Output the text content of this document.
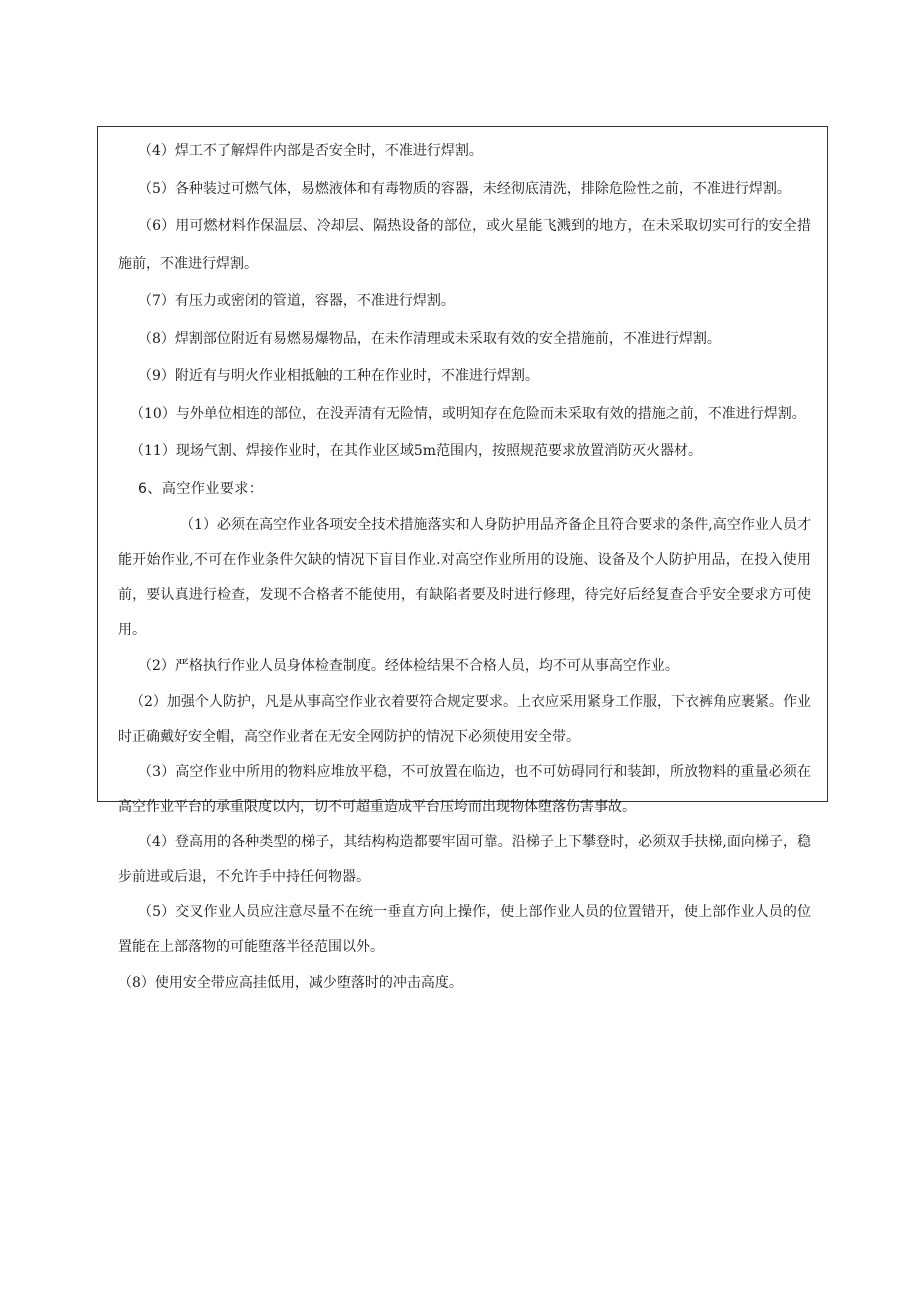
（4）焊工不了解焊件内部是否安全时，不准进行焊割。

（5）各种装过可燃气体，易燃液体和有毒物质的容器，未经彻底清洗，排除危险性之前，不准进行焊割。

（6）用可燃材料作保温层、冷却层、隔热设备的部位，或火星能飞溅到的地方，在未采取切实可行的安全措施前，不准进行焊割。

（7）有压力或密闭的管道，容器，不准进行焊割。

（8）焊割部位附近有易燃易爆物品，在未作清理或未采取有效的安全措施前，不准进行焊割。

（9）附近有与明火作业相抵触的工种在作业时，不准进行焊割。

（10）与外单位相连的部位，在没弄清有无险情，或明知存在危险而未采取有效的措施之前，不准进行焊割。

（11）现场气割、焊接作业时，在其作业区域5m范围内，按照规范要求放置消防灭火器材。

6、高空作业要求：

（1）必须在高空作业各项安全技术措施落实和人身防护用品齐备企且符合要求的条件,高空作业人员才能开始作业,不可在作业条件欠缺的情况下盲目作业.对高空作业所用的设施、设备及个人防护用品，在投入使用前，要认真进行检查，发现不合格者不能使用，有缺陷者要及时进行修理，待完好后经复查合乎安全要求方可使用。

（2）严格执行作业人员身体检查制度。经体检结果不合格人员，均不可从事高空作业。

（2）加强个人防护，凡是从事高空作业衣着要符合规定要求。上衣应采用紧身工作服，下衣裤角应裹紧。作业时正确戴好安全帽，高空作业者在无安全网防护的情况下必须使用安全带。

（3）高空作业中所用的物料应堆放平稳，不可放置在临边，也不可妨碍同行和装卸，所放物料的重量必须在高空作业平台的承重限度以内，切不可超重造成平台压垮而出现物体堕落伤害事故。

（4）登高用的各种类型的梯子，其结构构造都要牢固可靠。沿梯子上下攀登时，必须双手扶梯,面向梯子，稳步前进或后退，不允许手中持任何物器。

（5）交叉作业人员应注意尽量不在统一垂直方向上操作，使上部作业人员的位置错开，使上部作业人员的位置能在上部落物的可能堕落半径范围以外。

（8）使用安全带应高挂低用，减少堕落时的冲击高度。
